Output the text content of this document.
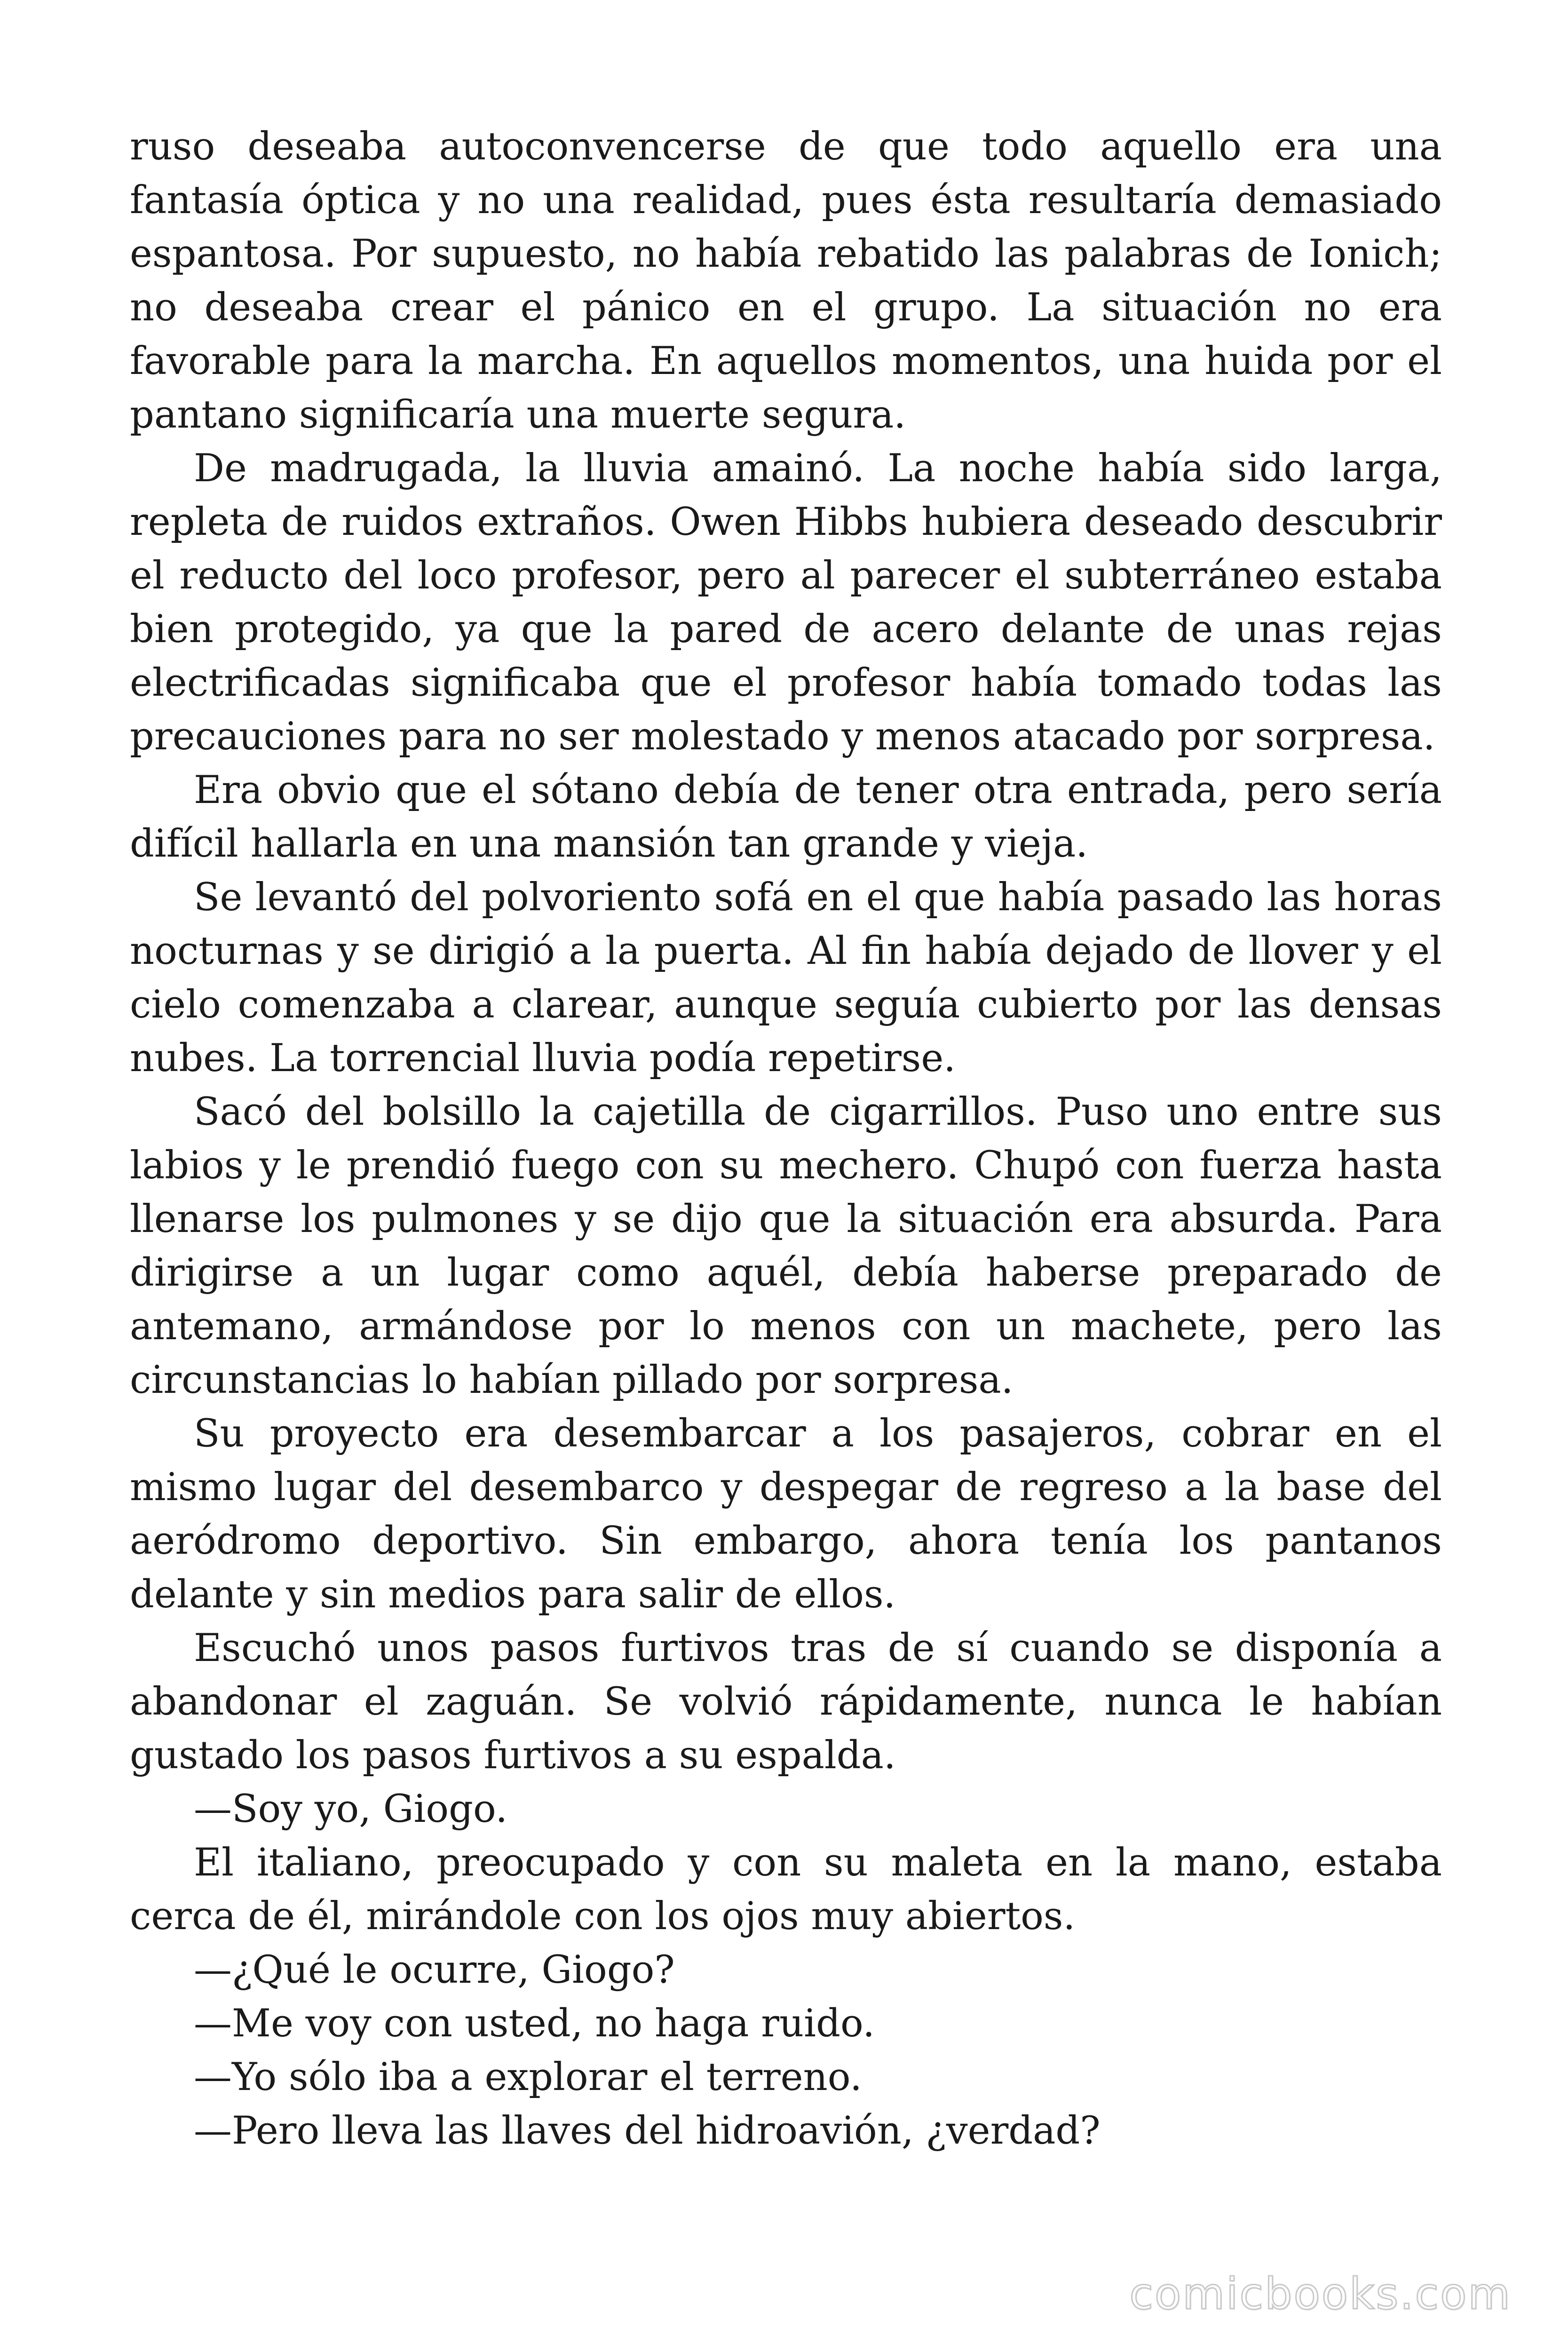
ruso deseaba autoconvencerse de que todo aquello era una fantasía óptica y no una realidad, pues ésta resultaría demasiado espantosa. Por supuesto, no había rebatido las palabras de Ionich; no deseaba crear el pánico en el grupo. La situación no era favorable para la marcha. En aquellos momentos, una huida por el pantano significaría una muerte segura.

De madrugada, la lluvia amainó. La noche había sido larga, repleta de ruidos extraños. Owen Hibbs hubiera deseado descubrir el reducto del loco profesor, pero al parecer el subterráneo estaba bien protegido, ya que la pared de acero delante de unas rejas electrificadas significaba que el profesor había tomado todas las precauciones para no ser molestado y menos atacado por sorpresa.

Era obvio que el sótano debía de tener otra entrada, pero sería difícil hallarla en una mansión tan grande y vieja.

Se levantó del polvoriento sofá en el que había pasado las horas nocturnas y se dirigió a la puerta. Al fin había dejado de llover y el cielo comenzaba a clarear, aunque seguía cubierto por las densas nubes. La torrencial lluvia podía repetirse.

Sacó del bolsillo la cajetilla de cigarrillos. Puso uno entre sus labios y le prendió fuego con su mechero. Chupó con fuerza hasta llenarse los pulmones y se dijo que la situación era absurda. Para dirigirse a un lugar como aquél, debía haberse preparado de antemano, armándose por lo menos con un machete, pero las circunstancias lo habían pillado por sorpresa.

Su proyecto era desembarcar a los pasajeros, cobrar en el mismo lugar del desembarco y despegar de regreso a la base del aeródromo deportivo. Sin embargo, ahora tenía los pantanos delante y sin medios para salir de ellos.

Escuchó unos pasos furtivos tras de sí cuando se disponía a abandonar el zaguán. Se volvió rápidamente, nunca le habían gustado los pasos furtivos a su espalda.

—Soy yo, Giogo.

El italiano, preocupado y con su maleta en la mano, estaba cerca de él, mirándole con los ojos muy abiertos.

—¿Qué le ocurre, Giogo?

—Me voy con usted, no haga ruido.

—Yo sólo iba a explorar el terreno.

—Pero lleva las llaves del hidroavión, ¿verdad?

comicbooks.com
